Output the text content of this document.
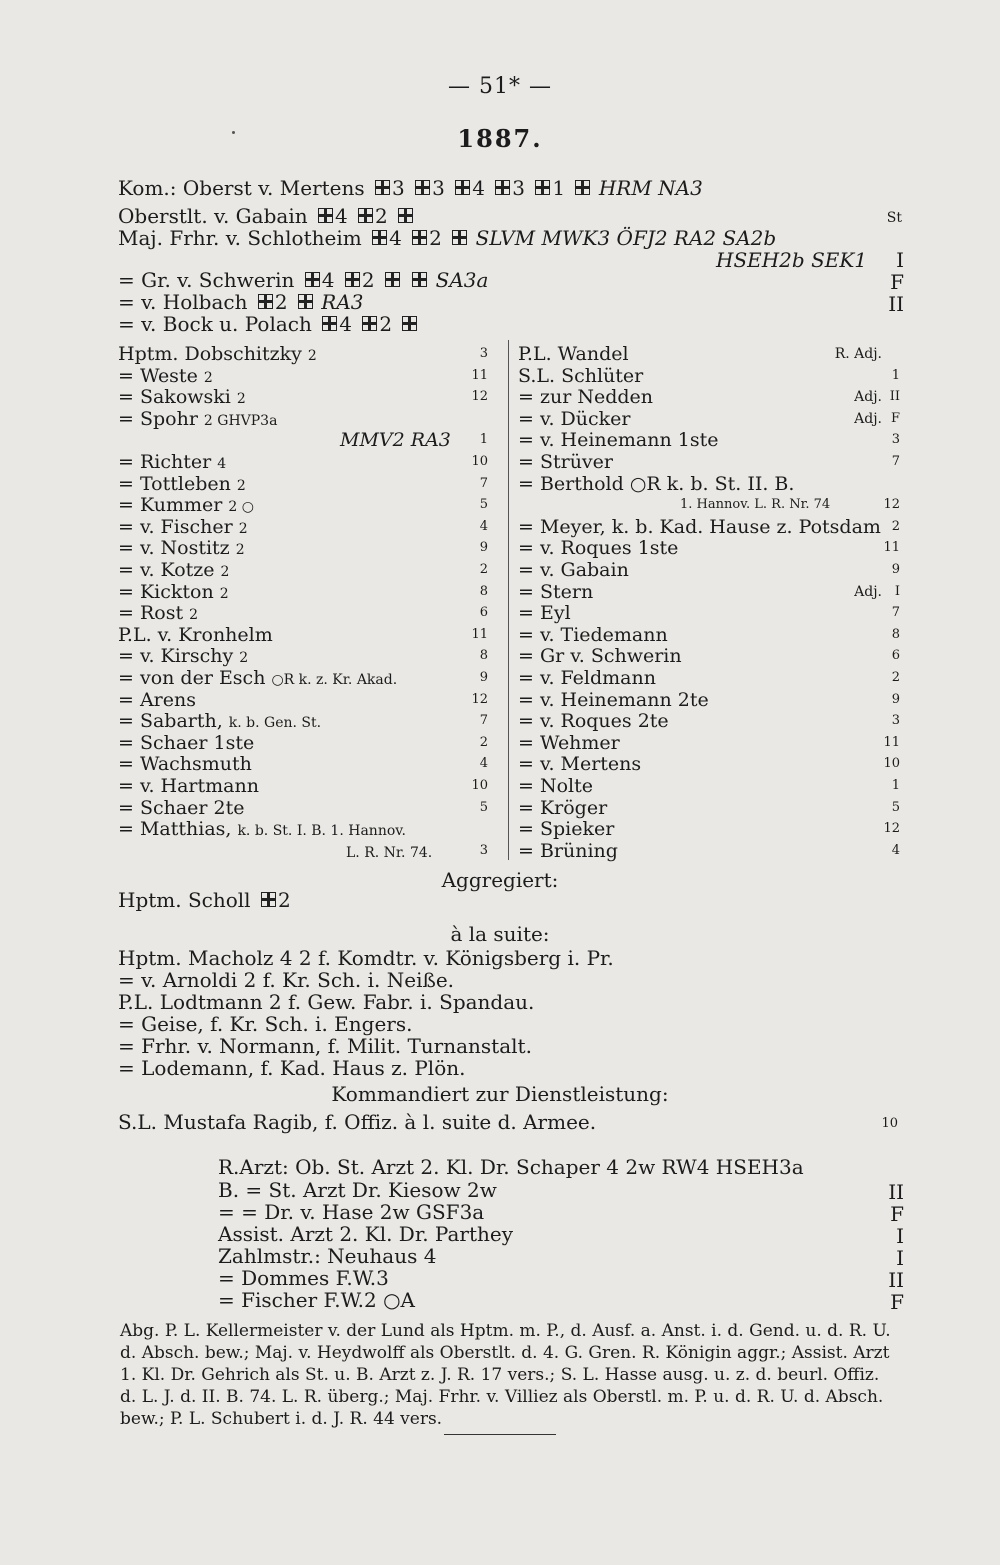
— 51* —
1887.
Kom.: Oberst v. Mertens 3 3 4 3 1  HRM NA3
Oberstlt. v. Gabain 4 2	St
Maj. Frhr. v. Schlotheim 4 2  SLVM MWK3 ÖFJ2 RA2 SA2b
HSEH2b SEK1 I
= Gr. v. Schwerin 4 2	SA3a	F
= v. Holbach 2  RA3	II
= v. Bock u. Polach 4 2
Hptm. Dobschitzky 2	3
= Weste 2	11
= Sakowski 2	12
= Spohr 2 GHVP3a
MMV2 RA3	1
= Richter 4	10
= Tottleben 2	7
= Kummer 2 ○	5
= v. Fischer 2	4
= v. Nostitz 2	9
= v. Kotze 2	2
= Kickton 2	8
= Rost 2	6
P.L. v. Kronhelm	11
= v. Kirschy 2	8
= von der Esch ○R k. z. Kr. Akad.	9
= Arens	12
= Sabarth, k. b. Gen. St.	7
= Schaer 1ste	2
= Wachsmuth	4
= v. Hartmann	10
= Schaer 2te	5
= Matthias, k. b. St. I. B. 1. Hannov.
L. R. Nr. 74.	3
P.L. Wandel	R. Adj.
S.L. Schlüter	1
= zur Nedden	Adj. II
= v. Dücker	Adj. F
= v. Heinemann 1ste	3
= Strüver	7
= Berthold ○R k. b. St. II. B.
1. Hannov. L. R. Nr. 74	12
= Meyer, k. b. Kad. Hause z. Potsdam 2
= v. Roques 1ste	11
= v. Gabain	9
= Stern	Adj. I
= Eyl	7
= v. Tiedemann	8
= Gr v. Schwerin	6
= v. Feldmann	2
= v. Heinemann 2te	9
= v. Roques 2te	3
= Wehmer	11
= v. Mertens	10
= Nolte	1
= Kröger	5
= Spieker	12
= Brüning	4
Aggregiert:
Hptm. Scholl 2
à la suite:
Hptm. Macholz 4 2 f. Komdtr. v. Königsberg i. Pr.
= v. Arnoldi 2 f. Kr. Sch. i. Neiße.
P.L. Lodtmann 2 f. Gew. Fabr. i. Spandau.
= Geise, f. Kr. Sch. i. Engers.
= Frhr. v. Normann, f. Milit. Turnanstalt.
= Lodemann, f. Kad. Haus z. Plön.
Kommandiert zur Dienstleistung:
S.L. Mustafa Ragib, f. Offiz. à l. suite d. Armee.	10
R.Arzt: Ob. St. Arzt 2. Kl. Dr. Schaper 4 2w RW4 HSEH3a
B. = St. Arzt Dr. Kiesow 2w	II
= = Dr. v. Hase 2w GSF3a	F
Assist. Arzt 2. Kl. Dr. Parthey	I
Zahlmstr.: Neuhaus 4	I
= Dommes F.W.3	II
= Fischer F.W.2 ○A	F
Abg. P. L. Kellermeister v. der Lund als Hptm. m. P., d. Ausf. a. Anst. i. d. Gend. u. d. R. U. d. Absch. bew.; Maj. v. Heydwolff als Oberstlt. d. 4. G. Gren. R. Königin aggr.; Assist. Arzt 1. Kl. Dr. Gehrich als St. u. B. Arzt z. J. R. 17 vers.; S. L. Hasse ausg. u. z. d. beurl. Offiz. d. L. J. d. II. B. 74. L. R. überg.; Maj. Frhr. v. Villiez als Oberstl. m. P. u. d. R. U. d. Absch. bew.; P. L. Schubert i. d. J. R. 44 vers.
